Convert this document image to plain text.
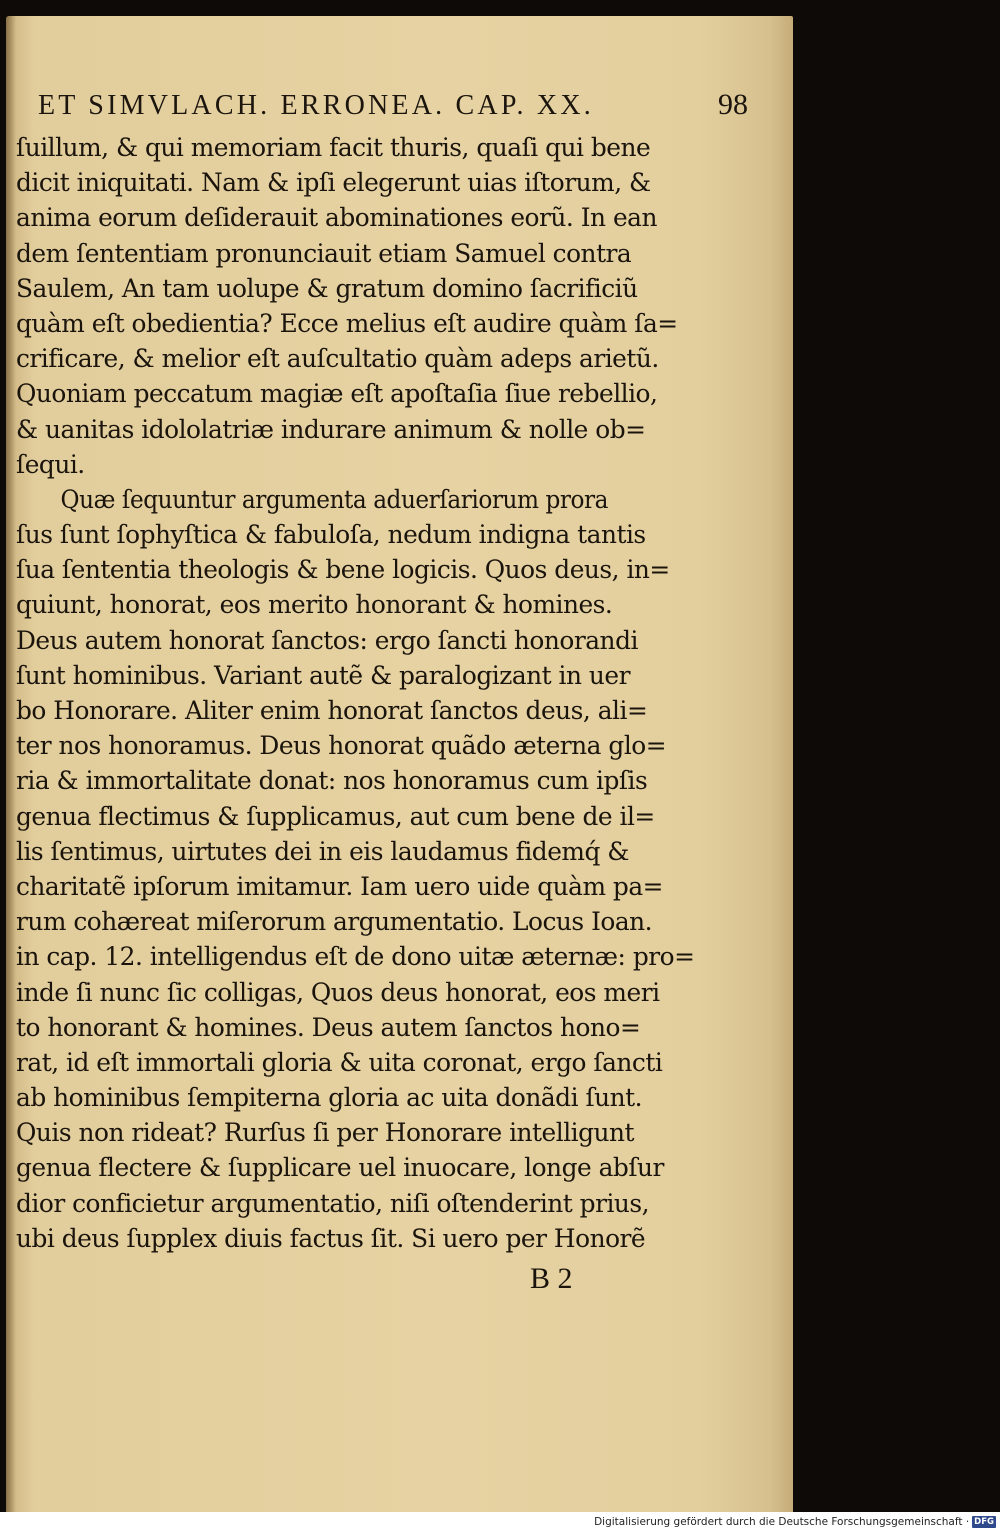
ET SIMVLACH. ERRONEA. CAP. XX.	98
ſuillum, & qui memoriam facit thuris, quaſi qui bene
dicit iniquitati. Nam & ipſi elegerunt uias iſtorum, &
anima eorum deſiderauit abominationes eorũ. In ean
dem ſententiam pronunciauit etiam Samuel contra
Saulem, An tam uolupe & gratum domino ſacrificiũ
quàm eſt obedientia? Ecce melius eſt audire quàm ſa=
crificare, & melior eſt auſcultatio quàm adeps arietũ.
Quoniam peccatum magiæ eſt apoſtaſia ſiue rebellio,
& uanitas idololatriæ indurare animum & nolle ob=
ſequi.
Quæ ſequuntur argumenta aduerſariorum prora
ſus ſunt ſophyſtica & fabuloſa, nedum indigna tantis
ſua ſententia theologis & bene logicis. Quos deus, in=
quiunt, honorat, eos merito honorant & homines.
Deus autem honorat ſanctos: ergo ſancti honorandi
ſunt hominibus. Variant autẽ & paralogizant in uer
bo Honorare. Aliter enim honorat ſanctos deus, ali=
ter nos honoramus. Deus honorat quãdo æterna glo=
ria & immortalitate donat: nos honoramus cum ipſis
genua flectimus & ſupplicamus, aut cum bene de il=
lis ſentimus, uirtutes dei in eis laudamus fidemq́ &
charitatẽ ipſorum imitamur. Iam uero uide quàm pa=
rum cohæreat miſerorum argumentatio. Locus Ioan.
in cap. 12. intelligendus eſt de dono uitæ æternæ: pro=
inde ſi nunc ſic colligas, Quos deus honorat, eos meri
to honorant & homines. Deus autem ſanctos hono=
rat, id eſt immortali gloria & uita coronat, ergo ſancti
ab hominibus ſempiterna gloria ac uita donãdi ſunt.
Quis non rideat? Rurſus ſi per Honorare intelligunt
genua flectere & ſupplicare uel inuocare, longe abſur
dior conficietur argumentatio, niſi oſtenderint prius,
ubi deus ſupplex diuis factus ſit. Si uero per Honorẽ
B 2
Digitalisierung gefördert durch die Deutsche Forschungsgemeinschaft · DFG
